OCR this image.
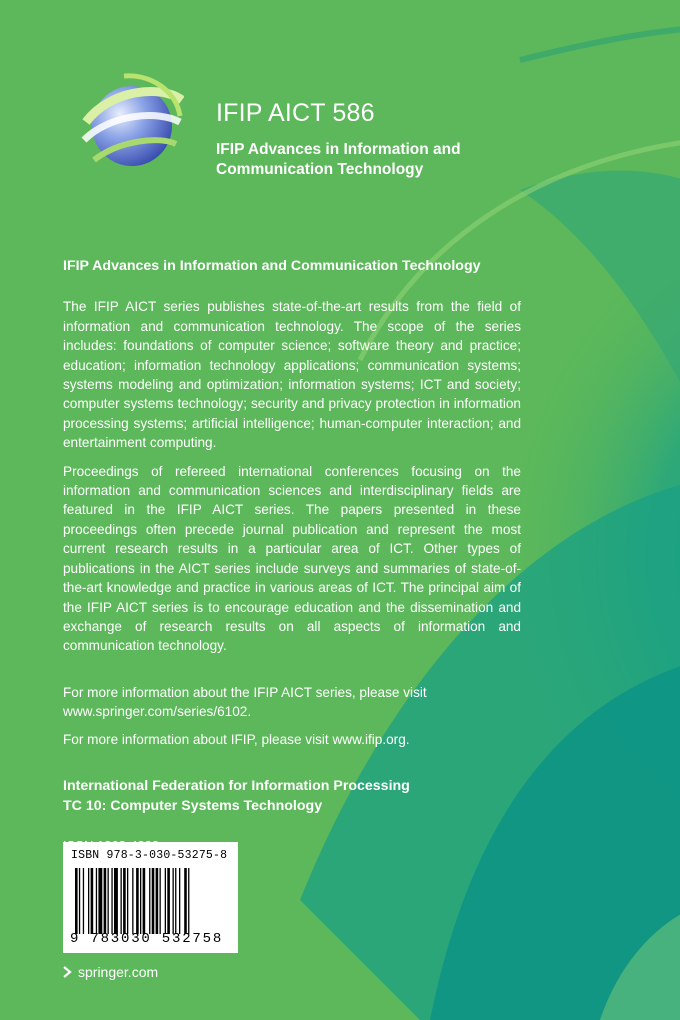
IFIP AICT 586
IFIP Advances in Information and Communication Technology
IFIP Advances in Information and Communication Technology

The IFIP AICT series publishes state-of-the-art results from the field of information and communication technology. The scope of the series includes: foundations of computer science; software theory and practice; education; information technology applications; communication systems; systems modeling and optimization; information systems; ICT and society; computer systems technology; security and privacy protection in information processing systems; artificial intelligence; human-computer interaction; and entertainment computing.

Proceedings of refereed international conferences focusing on the information and communication sciences and interdisciplinary fields are featured in the IFIP AICT series. The papers presented in these proceedings often precede journal publication and represent the most current research results in a particular area of ICT. Other types of publications in the AICT series include surveys and summaries of state-of-the-art knowledge and practice in various areas of ICT. The principal aim of the IFIP AICT series is to encourage education and the dissemination and exchange of research results on all aspects of information and communication technology.

For more information about the IFIP AICT series, please visit www.springer.com/series/6102.

For more information about IFIP, please visit www.ifip.org.

International Federation for Information Processing
TC 10: Computer Systems Technology
ISBN 978-3-030-53275-8
9 783030 532758
springer.com
